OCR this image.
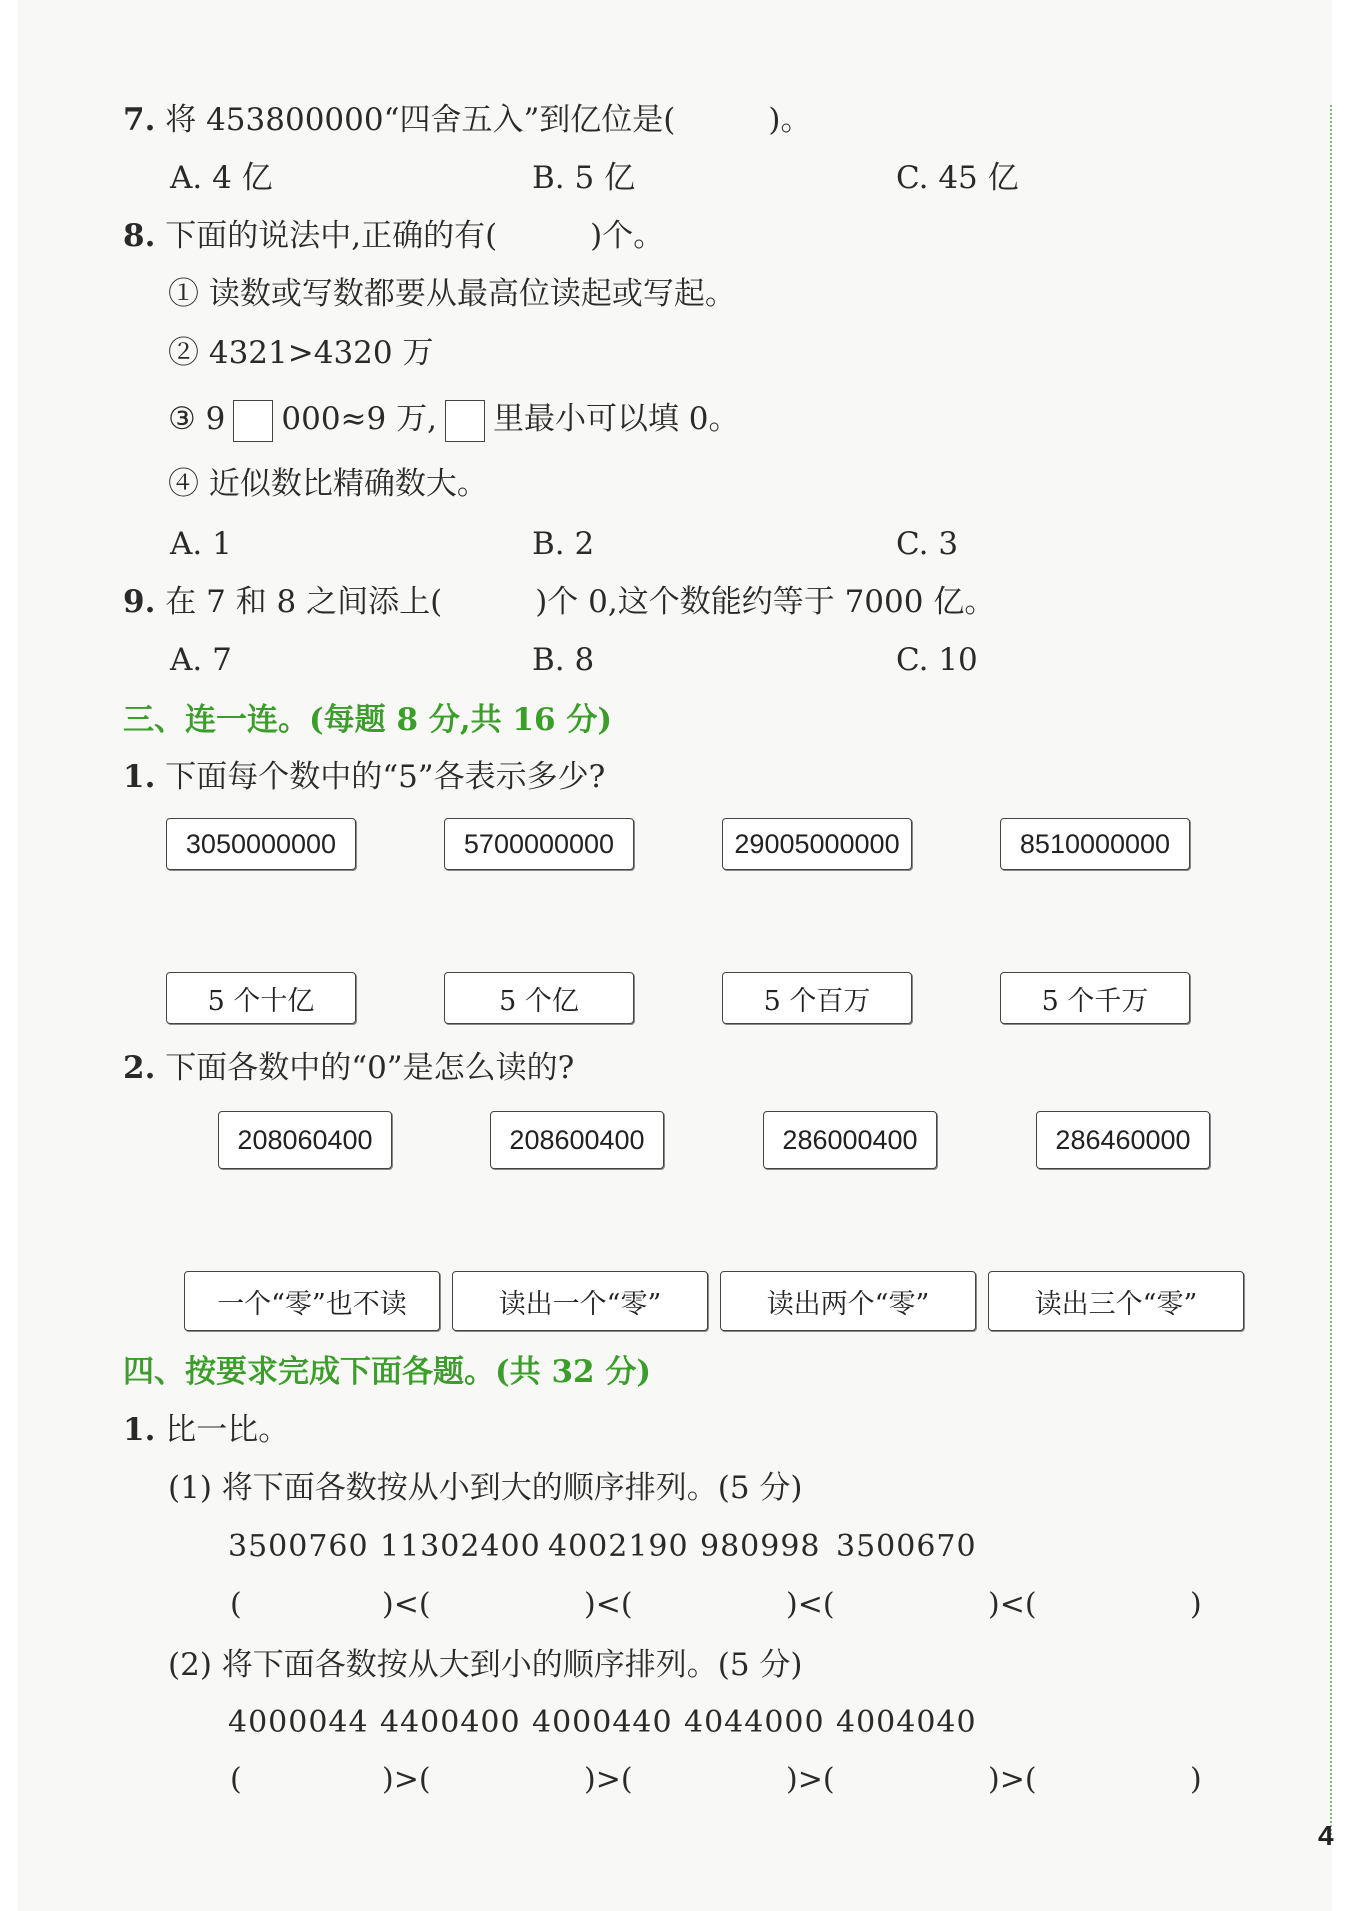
7. 将 453800000“四舍五入”到亿位是(　　　)。
A. 4 亿	B. 5 亿	C. 45 亿
8. 下面的说法中,正确的有(　　　)个。
① 读数或写数都要从最高位读起或写起。
② 4321>4320 万
③ 9 000≈9 万, 里最小可以填 0。
④ 近似数比精确数大。
A. 1	B. 2	C. 3
9. 在 7 和 8 之间添上(　　　)个 0,这个数能约等于 7000 亿。
A. 7	B. 8	C. 10
三、连一连。(每题 8 分,共 16 分)
1. 下面每个数中的“5”各表示多少?
3050000000	5700000000	29005000000	8510000000
5 个十亿	5 个亿	5 个百万	5 个千万
2. 下面各数中的“0”是怎么读的?
208060400	208600400	286000400	286460000
一个“零”也不读	读出一个“零”	读出两个“零”	读出三个“零”
四、按要求完成下面各题。(共 32 分)
1. 比一比。
(1) 将下面各数按从小到大的顺序排列。(5 分)
3500760 11302400 4002190 980998 3500670
(	)<(	)<(	)<(	)<(	)
(2) 将下面各数按从大到小的顺序排列。(5 分)
4000044 4400400 4000440 4044000 4004040
(	)>(	)>(	)>(	)>(	)
4
